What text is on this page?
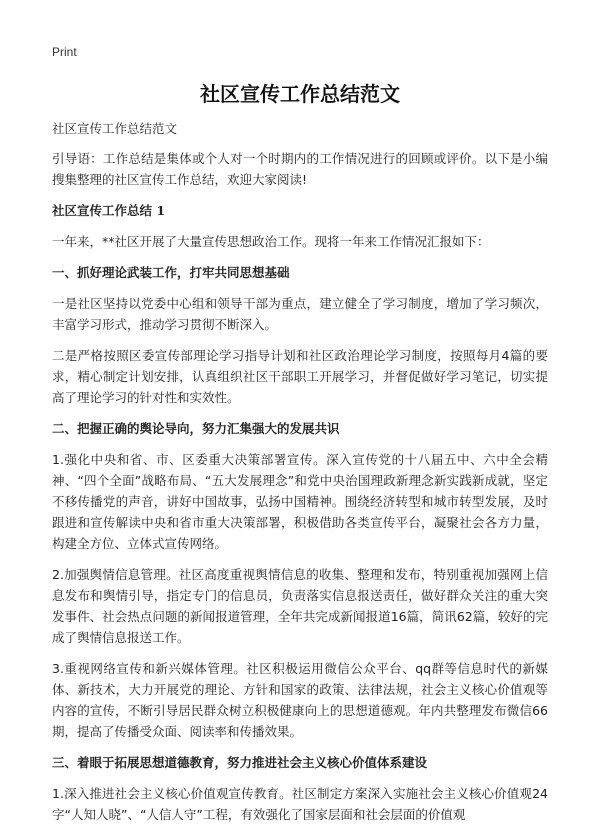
Print
社区宣传工作总结范文

社区宣传工作总结范文

引导语：工作总结是集体或个人对一个时期内的工作情况进行的回顾或评价。以下是小编搜集整理的社区宣传工作总结，欢迎大家阅读!

社区宣传工作总结 1

一年来，**社区开展了大量宣传思想政治工作。现将一年来工作情况汇报如下：

一、抓好理论武装工作，打牢共同思想基础

一是社区坚持以党委中心组和领导干部为重点，建立健全了学习制度，增加了学习频次，丰富学习形式，推动学习贯彻不断深入。

二是严格按照区委宣传部理论学习指导计划和社区政治理论学习制度，按照每月4篇的要求，精心制定计划安排，认真组织社区干部职工开展学习，并督促做好学习笔记，切实提高了理论学习的针对性和实效性。

二、把握正确的舆论导向，努力汇集强大的发展共识

1.强化中央和省、市、区委重大决策部署宣传。深入宣传党的十八届五中、六中全会精神、“四个全面”战略布局、“五大发展理念”和党中央治国理政新理念新实践新成就，坚定不移传播党的声音，讲好中国故事，弘扬中国精神。围绕经济转型和城市转型发展，及时跟进和宣传解读中央和省市重大决策部署，积极借助各类宣传平台，凝聚社会各方力量，构建全方位、立体式宣传网络。

2.加强舆情信息管理。社区高度重视舆情信息的收集、整理和发布，特别重视加强网上信息发布和舆情引导，指定专门的信息员，负责落实信息报送责任，做好群众关注的重大突发事件、社会热点问题的新闻报道管理，全年共完成新闻报道16篇，简讯62篇，较好的完成了舆情信息报送工作。

3.重视网络宣传和新兴媒体管理。社区积极运用微信公众平台、qq群等信息时代的新媒体、新技术，大力开展党的理论、方针和国家的政策、法律法规，社会主义核心价值观等内容的宣传，不断引导居民群众树立积极健康向上的思想道德观。年内共整理发布微信66期，提高了传播受众面、阅读率和传播效果。

三、着眼于拓展思想道德教育，努力推进社会主义核心价值体系建设

1.深入推进社会主义核心价值观宣传教育。社区制定方案深入实施社会主义核心价值观24字“人知人晓”、“人信人守”工程，有效强化了国家层面和社会层面的价值观
